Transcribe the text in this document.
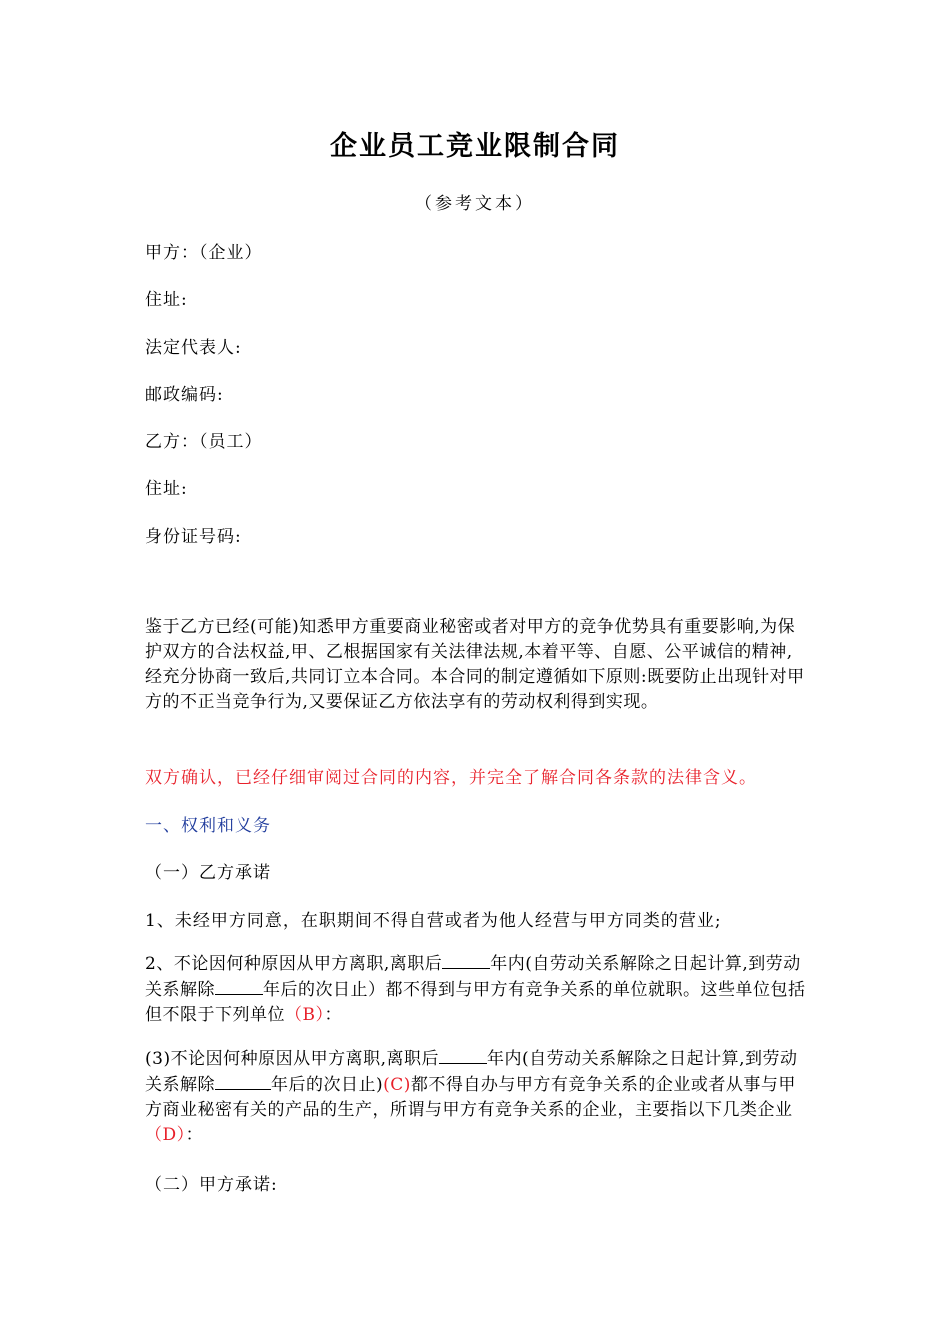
企业员工竞业限制合同
（参考文本）
甲方：（企业）
住址:
法定代表人:
邮政编码:
乙方：（员工）
住址:
身份证号码:
鉴于乙方已经(可能)知悉甲方重要商业秘密或者对甲方的竞争优势具有重要影响,为保护双方的合法权益,甲、乙根据国家有关法律法规,本着平等、自愿、公平诚信的精神,经充分协商一致后,共同订立本合同。本合同的制定遵循如下原则:既要防止出现针对甲方的不正当竞争行为,又要保证乙方依法享有的劳动权利得到实现。
双方确认，已经仔细审阅过合同的内容，并完全了解合同各条款的法律含义。
一、权利和义务
（一）乙方承诺
1、未经甲方同意，在职期间不得自营或者为他人经营与甲方同类的营业;
2、不论因何种原因从甲方离职,离职后	年内(自劳动关系解除之日起计算,到劳动关系解除	年后的次日止）都不得到与甲方有竞争关系的单位就职。这些单位包括但不限于下列单位（B）：
(3)不论因何种原因从甲方离职,离职后	年内(自劳动关系解除之日起计算,到劳动关系解除	年后的次日止)(C)都不得自办与甲方有竞争关系的企业或者从事与甲方商业秘密有关的产品的生产，所谓与甲方有竞争关系的企业，主要指以下几类企业（D）：
（二）甲方承诺:
